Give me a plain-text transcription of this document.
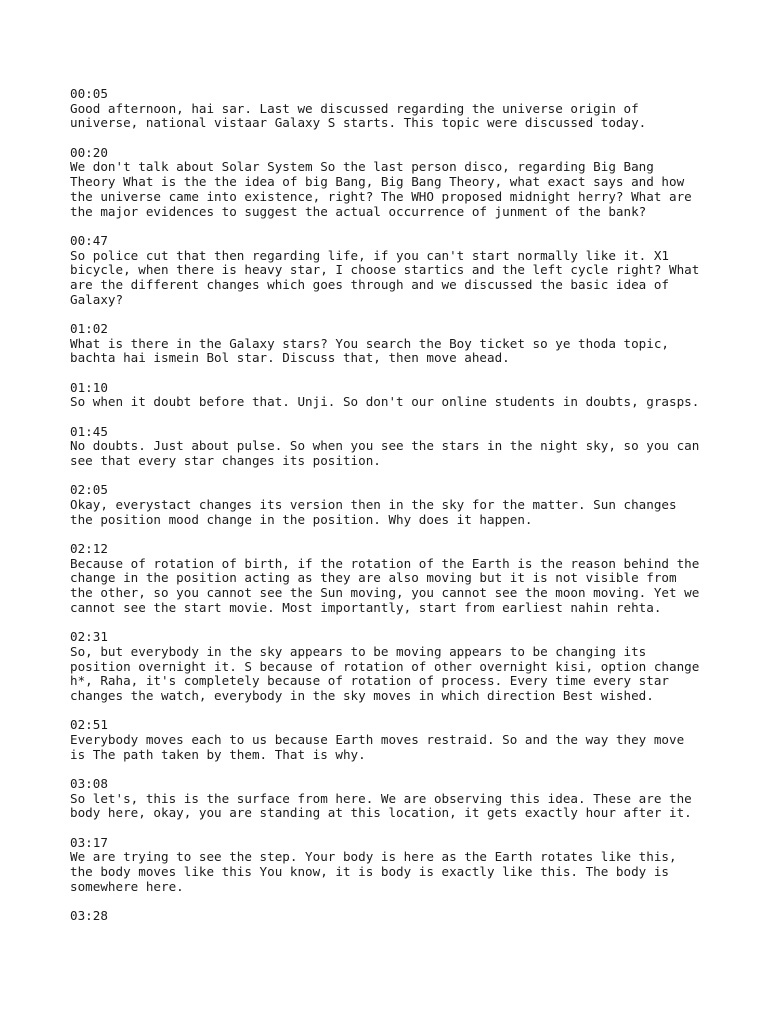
00:05
Good afternoon, hai sar. Last we discussed regarding the universe origin of
universe, national vistaar Galaxy S starts. This topic were discussed today.
00:20
We don't talk about Solar System So the last person disco, regarding Big Bang
Theory What is the the idea of big Bang, Big Bang Theory, what exact says and how
the universe came into existence, right? The WHO proposed midnight herry? What are
the major evidences to suggest the actual occurrence of junment of the bank?
00:47
So police cut that then regarding life, if you can't start normally like it. X1
bicycle, when there is heavy star, I choose startics and the left cycle right? What
are the different changes which goes through and we discussed the basic idea of
Galaxy?
01:02
What is there in the Galaxy stars? You search the Boy ticket so ye thoda topic,
bachta hai ismein Bol star. Discuss that, then move ahead.
01:10
So when it doubt before that. Unji. So don't our online students in doubts, grasps.
01:45
No doubts. Just about pulse. So when you see the stars in the night sky, so you can
see that every star changes its position.
02:05
Okay, everystact changes its version then in the sky for the matter. Sun changes
the position mood change in the position. Why does it happen.
02:12
Because of rotation of birth, if the rotation of the Earth is the reason behind the
change in the position acting as they are also moving but it is not visible from
the other, so you cannot see the Sun moving, you cannot see the moon moving. Yet we
cannot see the start movie. Most importantly, start from earliest nahin rehta.
02:31
So, but everybody in the sky appears to be moving appears to be changing its
position overnight it. S because of rotation of other overnight kisi, option change
h*, Raha, it's completely because of rotation of process. Every time every star
changes the watch, everybody in the sky moves in which direction Best wished.
02:51
Everybody moves each to us because Earth moves restraid. So and the way they move
is The path taken by them. That is why.
03:08
So let's, this is the surface from here. We are observing this idea. These are the
body here, okay, you are standing at this location, it gets exactly hour after it.
03:17
We are trying to see the step. Your body is here as the Earth rotates like this,
the body moves like this You know, it is body is exactly like this. The body is
somewhere here.
03:28
